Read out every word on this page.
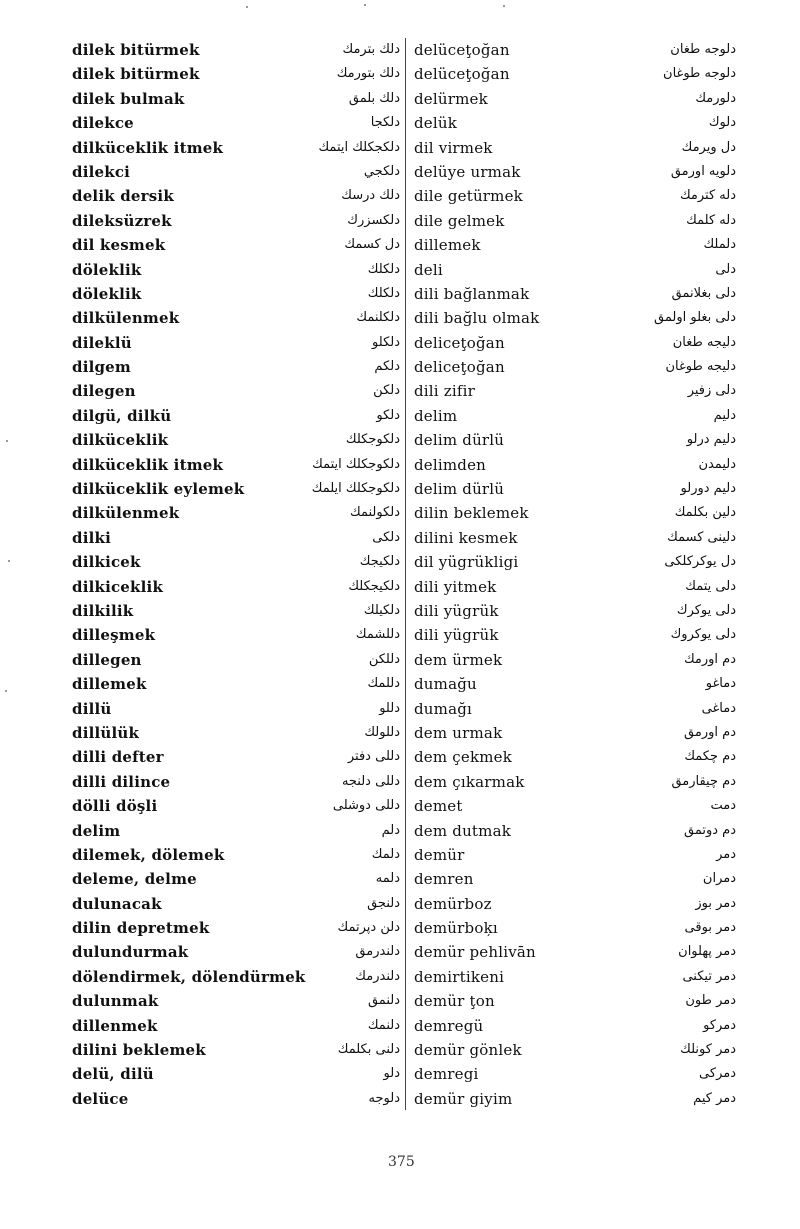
dilek bitürmek	دلك بترمك
dilek bitürmek	دلك بتورمك
dilek bulmak	دلك بلمق
dilekce	دلكجا
dilküceklik itmek	دلكجكلك ايتمك
dilekci	دلكجي
delik dersik	دلك درسك
dileksüzrek	دلكسزرك
dil kesmek	دل كسمك
döleklik	دلكلك
döleklik	دلكلك
dilkülenmek	دلكلنمك
dileklü	دلكلو
dilgem	دلكم
dilegen	دلكن
dilgü, dilkü	دلكو
dilküceklik	دلكوجكلك
dilküceklik itmek	دلكوجكلك ايتمك
dilküceklik eylemek	دلكوجكلك ايلمك
dilkülenmek	دلكولنمك
dilki	دلكى
dilkicek	دلكيجك
dilkiceklik	دلكيجكلك
dilkilik	دلكيلك
dilleşmek	دللشمك
dillegen	دللكن
dillemek	دللمك
dillü	دللو
dillülük	دللولك
dilli defter	دللى دفتر
dilli dilince	دللى دلنجه
dölli döşli	دللى دوشلى
delim	دلم
dilemek, dölemek	دلمك
deleme, delme	دلمه
dulunacak	دلنجق
dilin depretmek	دلن دپرتمك
dulundurmak	دلندرمق
dölendirmek, dölendürmek	دلندرمك
dulunmak	دلنمق
dillenmek	دلنمك
dilini beklemek	دلنى بكلمك
delü, dilü	دلو
delüce	دلوجه
delüceţoğan	دلوجه طغان
delüceţoğan	دلوجه طوغان
delürmek	دلورمك
delük	دلوك
dil virmek	دل ويرمك
delüye urmak	دلويه اورمق
dile getürmek	دله كترمك
dile gelmek	دله كلمك
dillemek	دلملك
deli	دلى
dili bağlanmak	دلى بغلانمق
dili bağlu olmak	دلى بغلو اولمق
deliceţoğan	دليجه طغان
deliceţoğan	دليجه طوغان
dili zifir	دلى زفير
delim	دليم
delim dürlü	دليم درلو
delimden	دليمدن
delim dürlü	دليم دورلو
dilin beklemek	دلين بكلمك
dilini kesmek	دلينى كسمك
dil yügrükligi	دل يوكركلكى
dili yitmek	دلى يتمك
dili yügrük	دلى يوكرك
dili yügrük	دلى يوكروك
dem ürmek	دم اورمك
dumağu	دماغو
dumağı	دماغى
dem urmak	دم اورمق
dem çekmek	دم چكمك
dem çıkarmak	دم چيقارمق
demet	دمت
dem dutmak	دم دوتمق
demür	دمر
demren	دمران
demürboz	دمر بوز
demürboķı	دمر بوقى
demür pehlivān	دمر پهلوان
demirtikeni	دمر تيكنى
demür ţon	دمر طون
demregü	دمركو
demür gönlek	دمر كونلك
demregi	دمركى
demür giyim	دمر كيم
375
